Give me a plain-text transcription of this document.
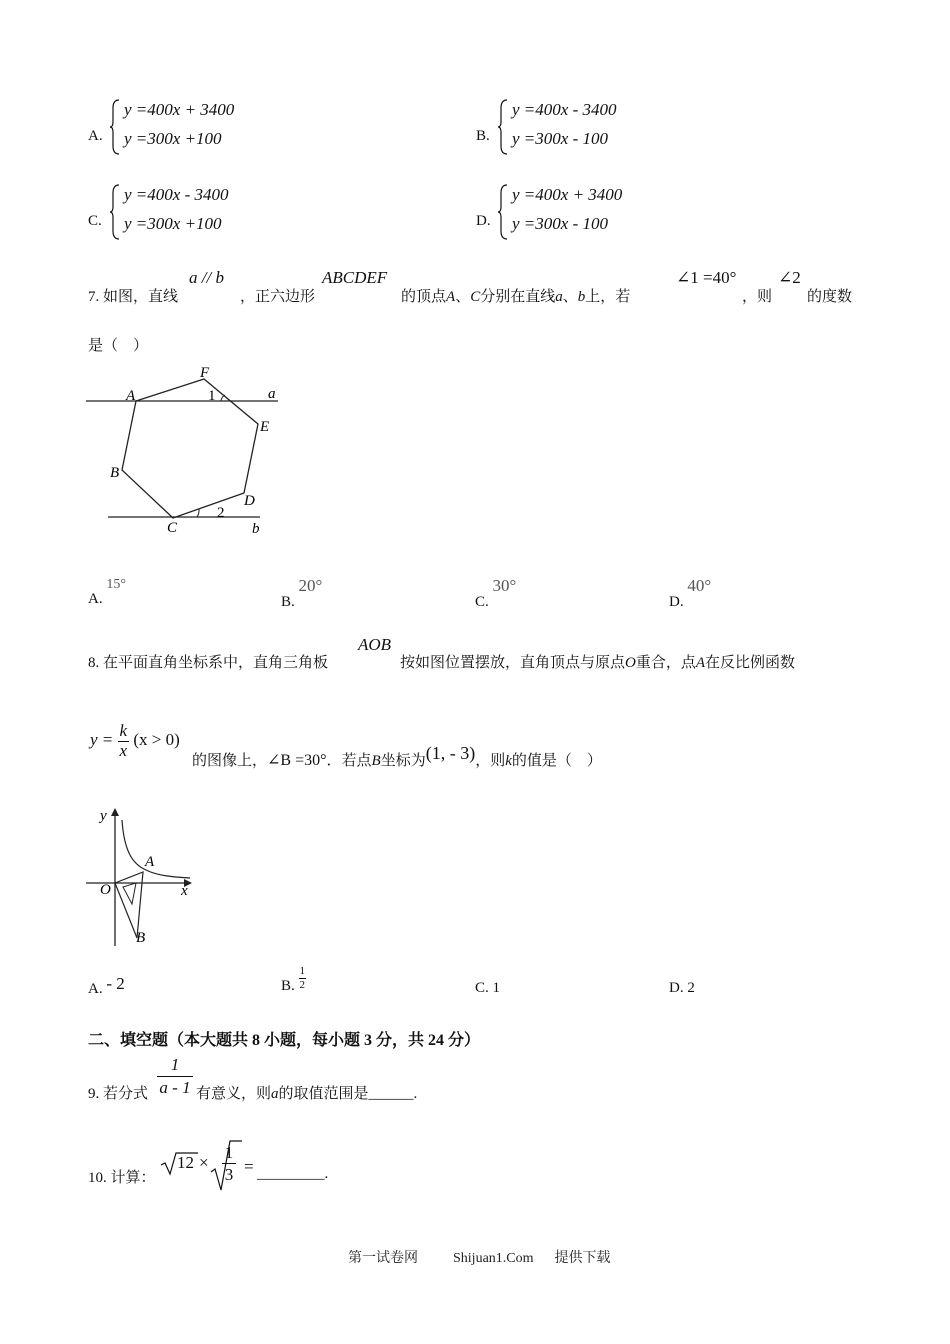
A.
y =400x + 3400
y =300x +100	B.
y =400x - 3400
y =300x - 100
C.
y =400x - 3400
y =300x +100	D.
y =400x + 3400
y =300x - 100
7. 如图，直线
a // b
，正六边形
ABCDEF
的顶点A、C分别在直线a、b上，若
∠1 =40°
，则
∠2
的度数
是（　）
A
F
1	a
E
B
D
2
C	b
A. 15°
B. 20°
C. 30°
D. 40°
8. 在平面直角坐标系中，直角三角板
AOB
按如图位置摆放，直角顶点与原点O重合，点A在反比例函数
$y = \frac{k}{x} (x > 0)$
的图像上，∠B =30°．若点B坐标为(1, - 3)，则k的值是（　）
y
A
O	x
B
A. - 2	B. $\frac{1}{2}$	C. 1	D. 2
二、填空题（本大题共 8 小题，每小题 3 分，共 24 分）
9. 若分式 $\frac{1}{a - 1}$ 有意义，则a的取值范围是______.
10. 计算：
$12 \times \frac{1}{3}$ = _________.
第一试卷网	Shijuan1.Com 提供下载
